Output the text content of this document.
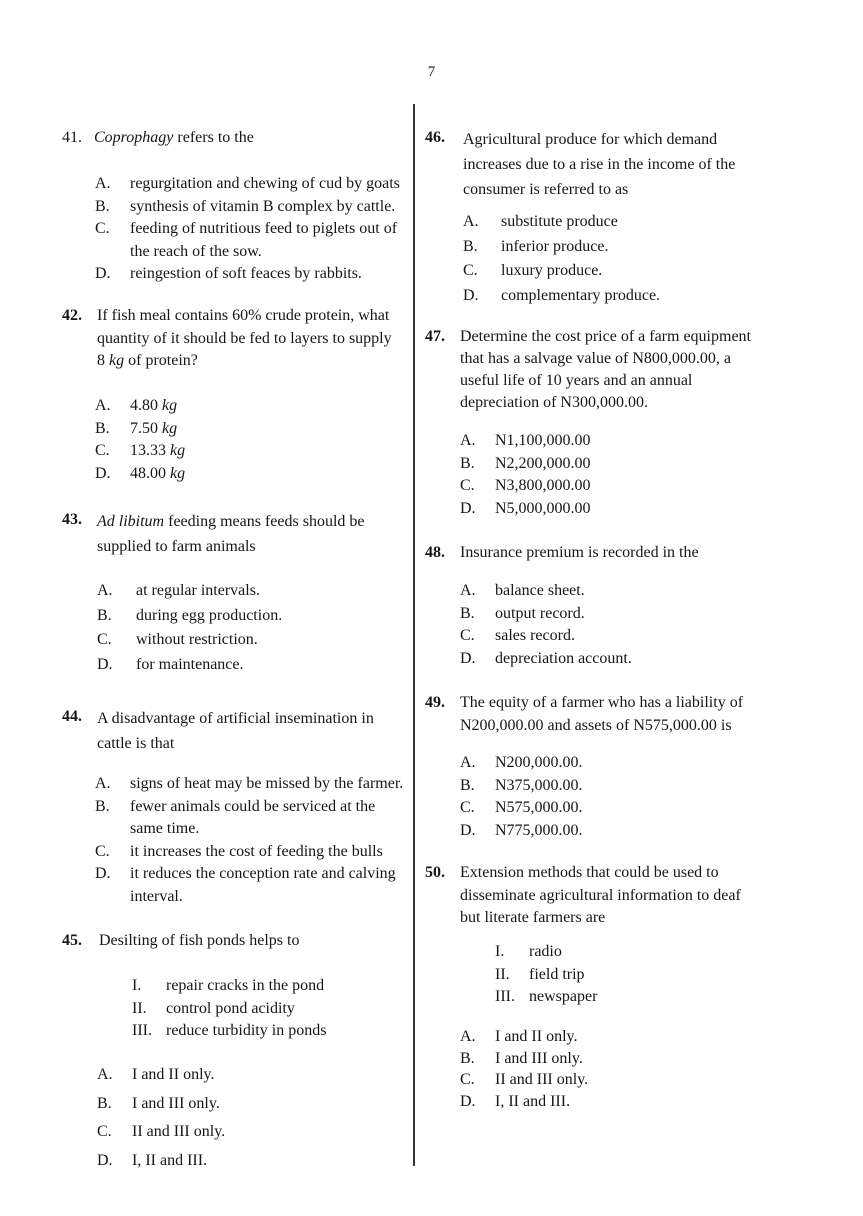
7
41. Coprophagy refers to the
A. regurgitation and chewing of cud by goats
B. synthesis of vitamin B complex by cattle.
C. feeding of nutritious feed to piglets out of the reach of the sow.
D. reingestion of soft feaces by rabbits.
42. If fish meal contains 60% crude protein, what quantity of it should be fed to layers to supply 8 kg of protein?
A. 4.80 kg
B. 7.50 kg
C. 13.33 kg
D. 48.00 kg
43. Ad libitum feeding means feeds should be supplied to farm animals
A. at regular intervals.
B. during egg production.
C. without restriction.
D. for maintenance.
44. A disadvantage of artificial insemination in cattle is that
A. signs of heat may be missed by the farmer.
B. fewer animals could be serviced at the same time.
C. it increases the cost of feeding the bulls
D. it reduces the conception rate and calving interval.
45. Desilting of fish ponds helps to
I. repair cracks in the pond
II. control pond acidity
III. reduce turbidity in ponds
A. I and II only.
B. I and III only.
C. II and III only.
D. I, II and III.
46. Agricultural produce for which demand increases due to a rise in the income of the consumer is referred to as
A. substitute produce
B. inferior produce.
C. luxury produce.
D. complementary produce.
47. Determine the cost price of a farm equipment that has a salvage value of N800,000.00, a useful life of 10 years and an annual depreciation of N300,000.00.
A. N1,100,000.00
B. N2,200,000.00
C. N3,800,000.00
D. N5,000,000.00
48. Insurance premium is recorded in the
A. balance sheet.
B. output record.
C. sales record.
D. depreciation account.
49. The equity of a farmer who has a liability of N200,000.00 and assets of N575,000.00 is
A. N200,000.00.
B. N375,000.00.
C. N575,000.00.
D. N775,000.00.
50. Extension methods that could be used to disseminate agricultural information to deaf but literate farmers are
I. radio
II. field trip
III. newspaper
A. I and II only.
B. I and III only.
C. II and III only.
D. I, II and III.
